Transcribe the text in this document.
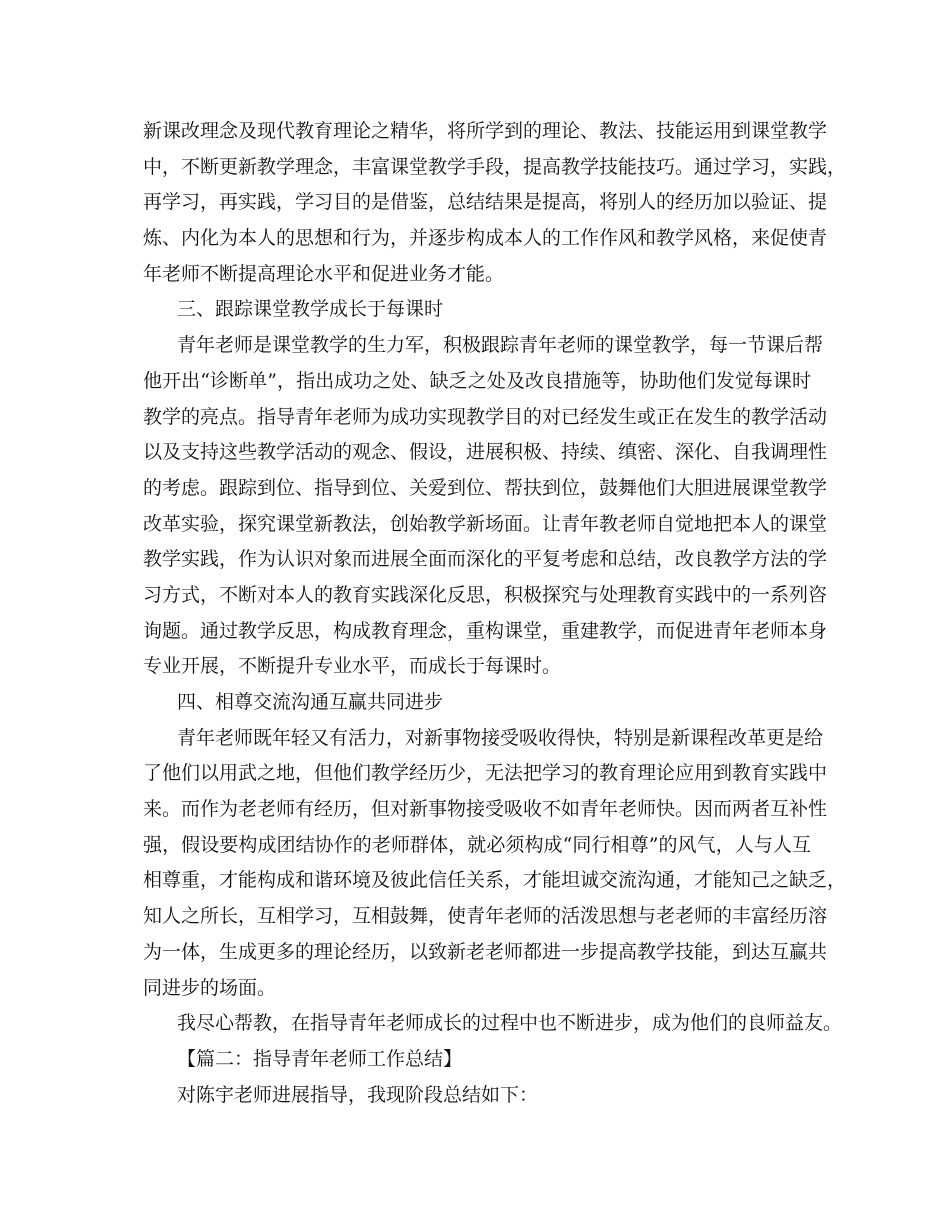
新课改理念及现代教育理论之精华，将所学到的理论、教法、技能运用到课堂教学
中，不断更新教学理念，丰富课堂教学手段，提高教学技能技巧。通过学习，实践，
再学习，再实践，学习目的是借鉴，总结结果是提高，将别人的经历加以验证、提
炼、内化为本人的思想和行为，并逐步构成本人的工作作风和教学风格，来促使青
年老师不断提高理论水平和促进业务才能。
三、跟踪课堂教学成长于每课时
青年老师是课堂教学的生力军，积极跟踪青年老师的课堂教学，每一节课后帮
他开出“诊断单”，指出成功之处、缺乏之处及改良措施等，协助他们发觉每课时
教学的亮点。指导青年老师为成功实现教学目的对已经发生或正在发生的教学活动
以及支持这些教学活动的观念、假设，进展积极、持续、缜密、深化、自我调理性
的考虑。跟踪到位、指导到位、关爱到位、帮扶到位，鼓舞他们大胆进展课堂教学
改革实验，探究课堂新教法，创始教学新场面。让青年教老师自觉地把本人的课堂
教学实践，作为认识对象而进展全面而深化的平复考虑和总结，改良教学方法的学
习方式，不断对本人的教育实践深化反思，积极探究与处理教育实践中的一系列咨
询题。通过教学反思，构成教育理念，重构课堂，重建教学，而促进青年老师本身
专业开展，不断提升专业水平，而成长于每课时。
四、相尊交流沟通互赢共同进步
青年老师既年轻又有活力，对新事物接受吸收得快，特别是新课程改革更是给
了他们以用武之地，但他们教学经历少，无法把学习的教育理论应用到教育实践中
来。而作为老老师有经历，但对新事物接受吸收不如青年老师快。因而两者互补性
强，假设要构成团结协作的老师群体，就必须构成“同行相尊”的风气，人与人互
相尊重，才能构成和谐环境及彼此信任关系，才能坦诚交流沟通，才能知己之缺乏，
知人之所长，互相学习，互相鼓舞，使青年老师的活泼思想与老老师的丰富经历溶
为一体，生成更多的理论经历，以致新老老师都进一步提高教学技能，到达互赢共
同进步的场面。
我尽心帮教，在指导青年老师成长的过程中也不断进步，成为他们的良师益友。
【篇二：指导青年老师工作总结】
对陈宇老师进展指导，我现阶段总结如下：
